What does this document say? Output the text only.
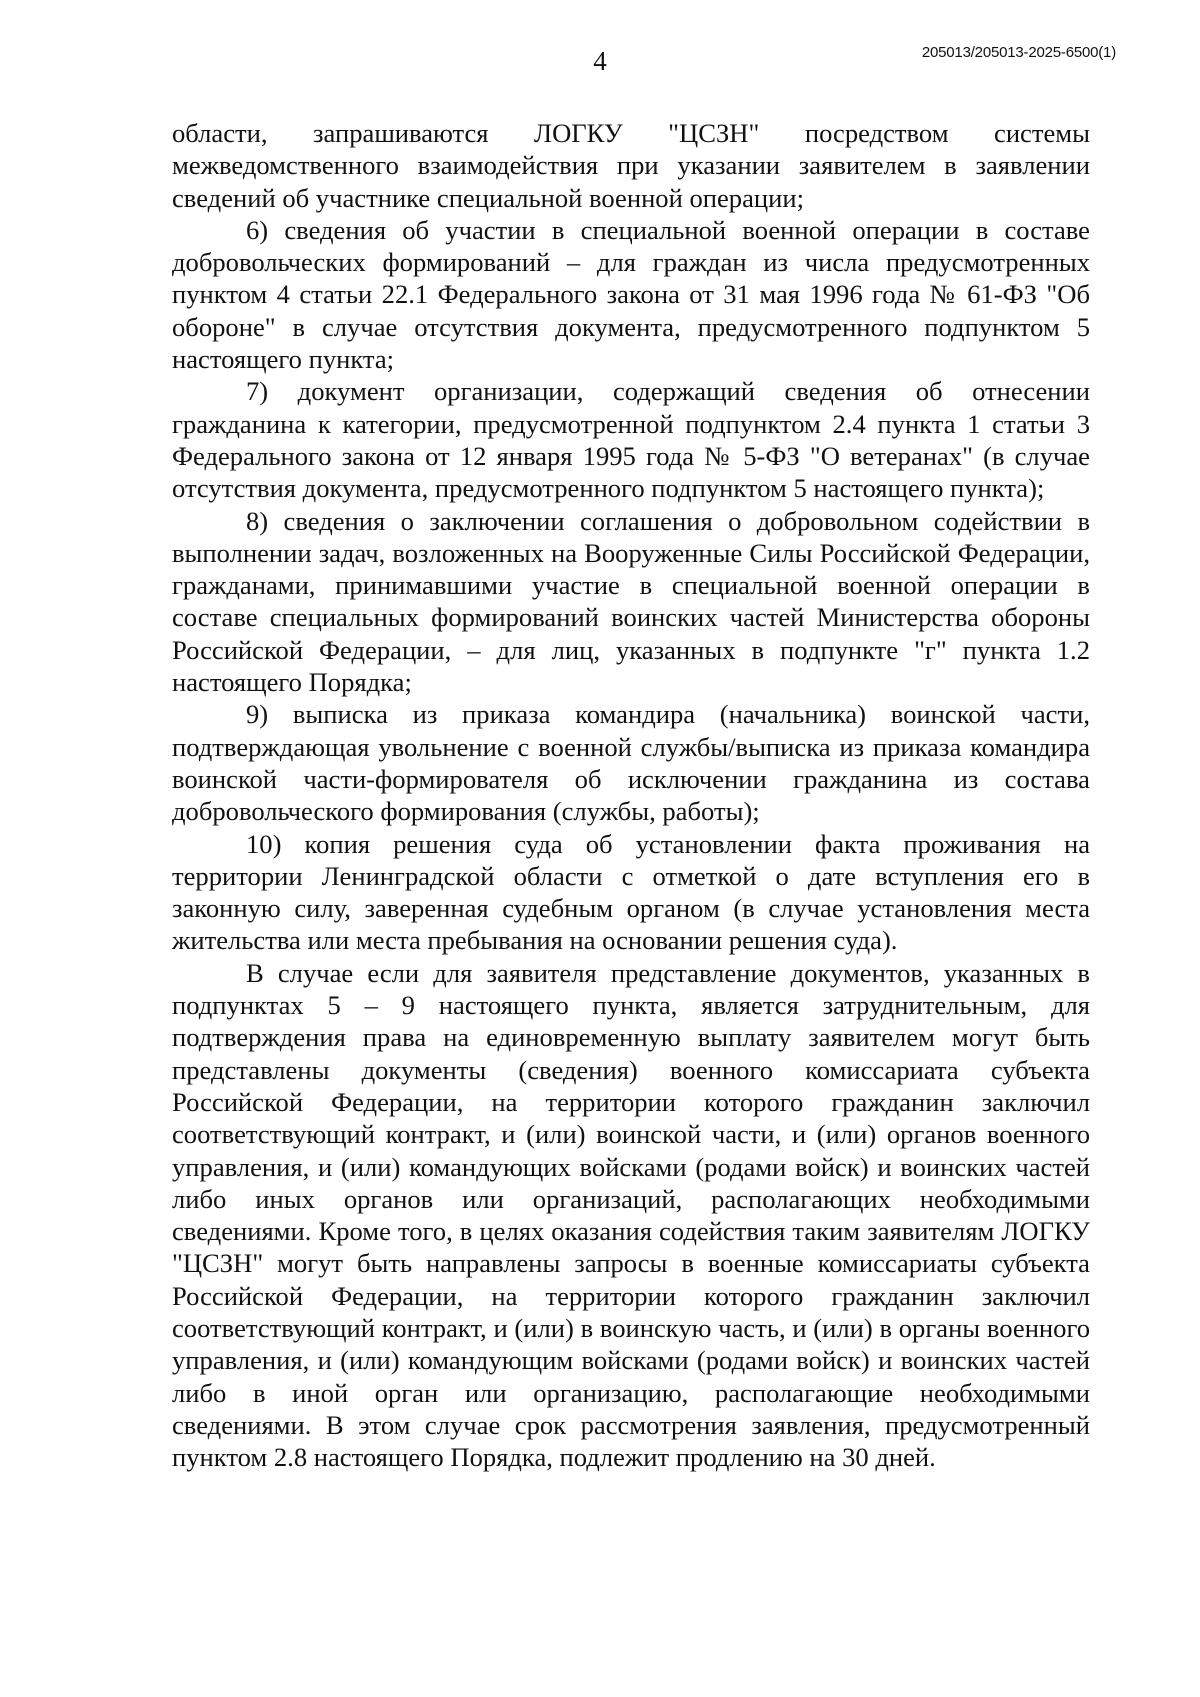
4	205013/205013-2025-6500(1)

области, запрашиваются ЛОГКУ "ЦСЗН" посредством системы межведомственного взаимодействия при указании заявителем в заявлении сведений об участнике специальной военной операции;

6) сведения об участии в специальной военной операции в составе добровольческих формирований – для граждан из числа предусмотренных пунктом 4 статьи 22.1 Федерального закона от 31 мая 1996 года № 61-ФЗ "Об обороне" в случае отсутствия документа, предусмотренного подпунктом 5 настоящего пункта;

7) документ организации, содержащий сведения об отнесении гражданина к категории, предусмотренной подпунктом 2.4 пункта 1 статьи 3 Федерального закона от 12 января 1995 года № 5-ФЗ "О ветеранах" (в случае отсутствия документа, предусмотренного подпунктом 5 настоящего пункта);

8) сведения о заключении соглашения о добровольном содействии в выполнении задач, возложенных на Вооруженные Силы Российской Федерации, гражданами, принимавшими участие в специальной военной операции в составе специальных формирований воинских частей Министерства обороны Российской Федерации, – для лиц, указанных в подпункте "г" пункта 1.2 настоящего Порядка;

9) выписка из приказа командира (начальника) воинской части, подтверждающая увольнение с военной службы/выписка из приказа командира воинской части-формирователя об исключении гражданина из состава добровольческого формирования (службы, работы);

10) копия решения суда об установлении факта проживания на территории Ленинградской области с отметкой о дате вступления его в законную силу, заверенная судебным органом (в случае установления места жительства или места пребывания на основании решения суда).

В случае если для заявителя представление документов, указанных в подпунктах 5 – 9 настоящего пункта, является затруднительным, для подтверждения права на единовременную выплату заявителем могут быть представлены документы (сведения) военного комиссариата субъекта Российской Федерации, на территории которого гражданин заключил соответствующий контракт, и (или) воинской части, и (или) органов военного управления, и (или) командующих войсками (родами войск) и воинских частей либо иных органов или организаций, располагающих необходимыми сведениями. Кроме того, в целях оказания содействия таким заявителям ЛОГКУ "ЦСЗН" могут быть направлены запросы в военные комиссариаты субъекта Российской Федерации, на территории которого гражданин заключил соответствующий контракт, и (или) в воинскую часть, и (или) в органы военного управления, и (или) командующим войсками (родами войск) и воинских частей либо в иной орган или организацию, располагающие необходимыми сведениями. В этом случае срок рассмотрения заявления, предусмотренный пунктом 2.8 настоящего Порядка, подлежит продлению на 30 дней.
